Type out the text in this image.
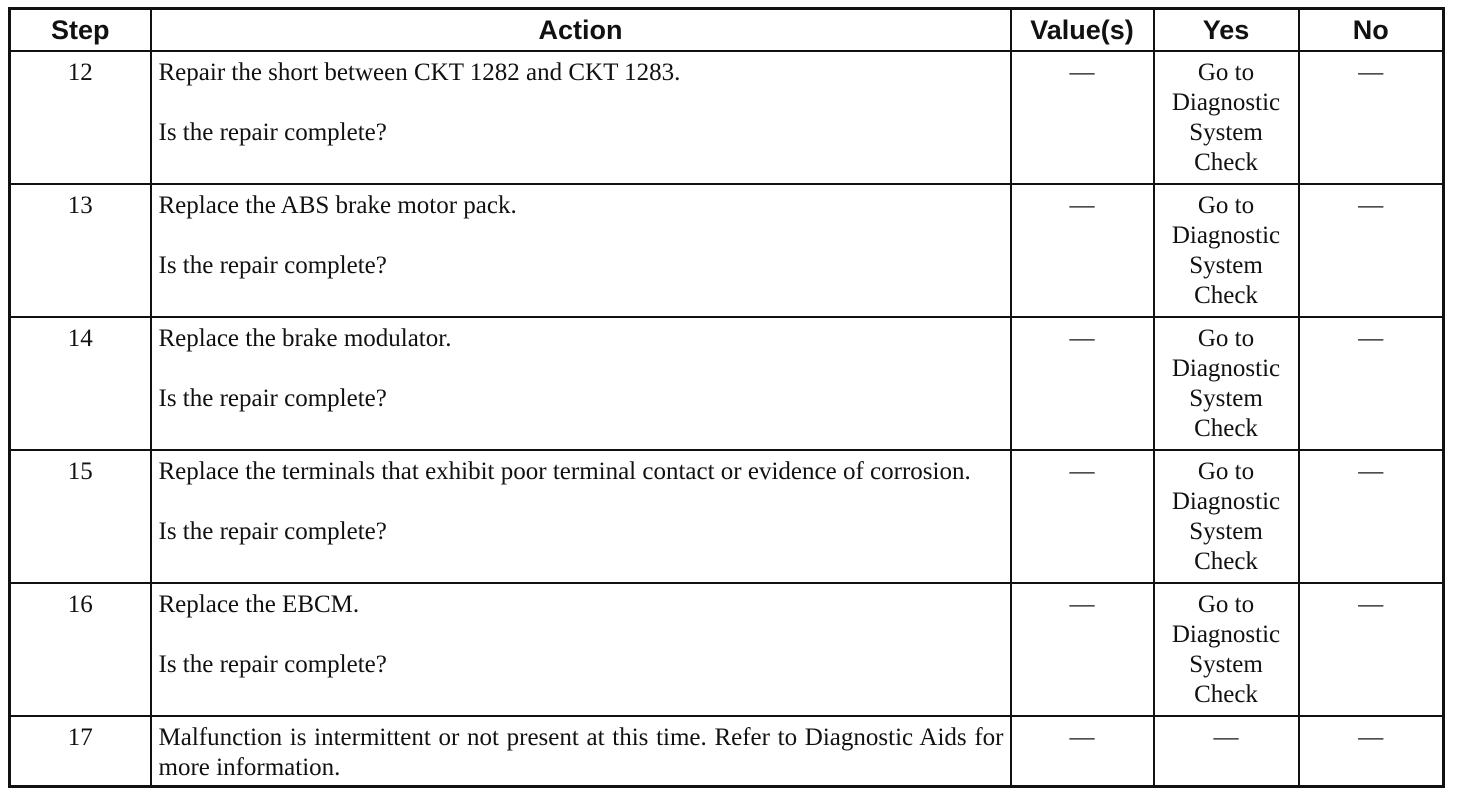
Step	Action	Value(s)	Yes	No
12	Repair the short between CKT 1282 and CKT 1283.
Is the repair complete?	—	Go to Diagnostic System Check	—
13	Replace the ABS brake motor pack.
Is the repair complete?	—	Go to Diagnostic System Check	—
14	Replace the brake modulator.
Is the repair complete?	—	Go to Diagnostic System Check	—
15	Replace the terminals that exhibit poor terminal contact or evidence of corrosion.
Is the repair complete?	—	Go to Diagnostic System Check	—
16	Replace the EBCM.
Is the repair complete?	—	Go to Diagnostic System Check	—
17	Malfunction is intermittent or not present at this time. Refer to Diagnostic Aids for more information.	—	—	—
